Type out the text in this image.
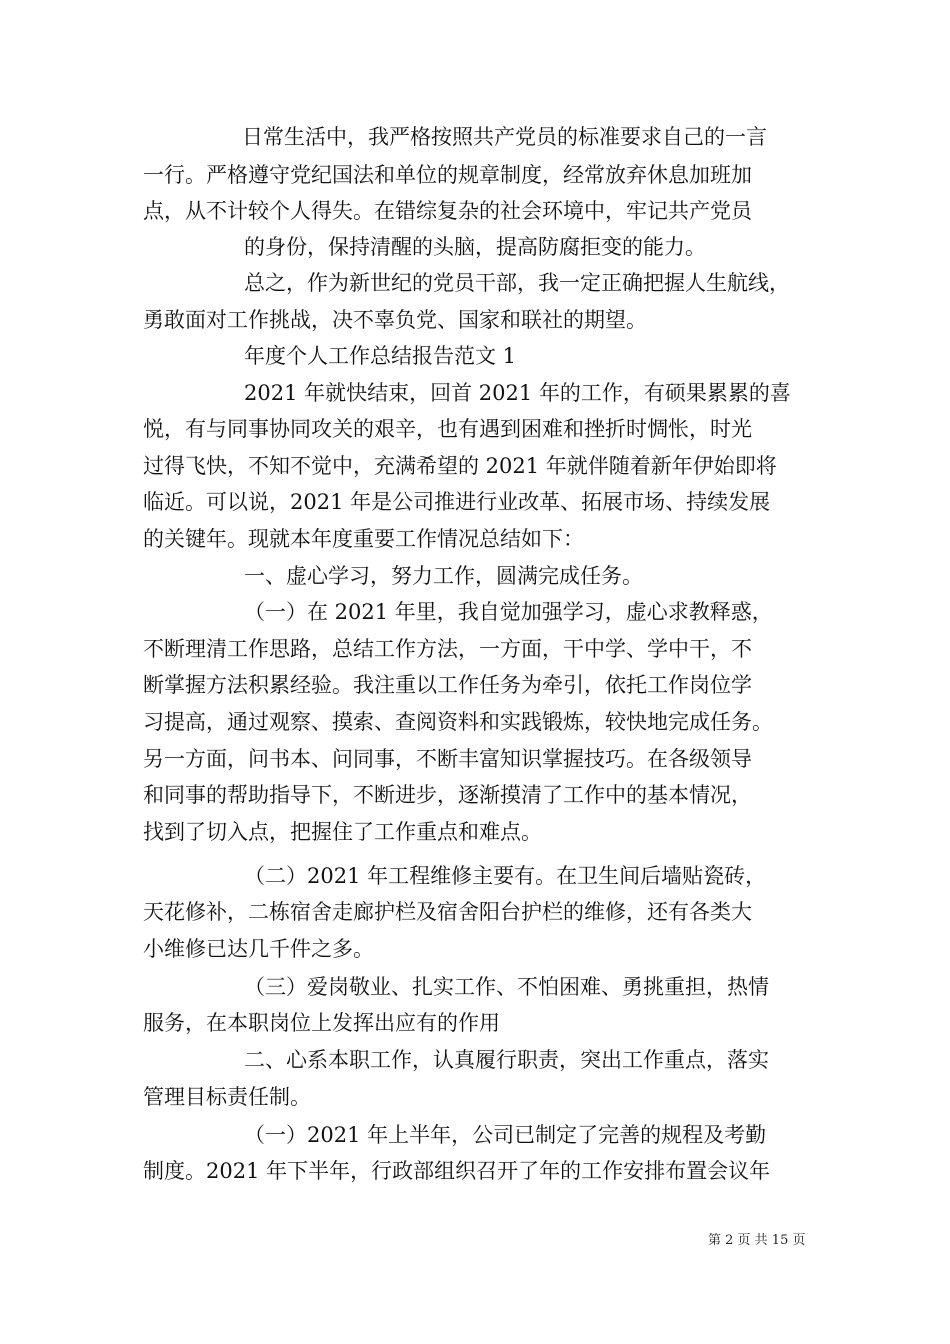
日常生活中，我严格按照共产党员的标准要求自己的一言

一行。严格遵守党纪国法和单位的规章制度，经常放弃休息加班加

点，从不计较个人得失。在错综复杂的社会环境中，牢记共产党员

的身份，保持清醒的头脑，提高防腐拒变的能力。

总之，作为新世纪的党员干部，我一定正确把握人生航线，

勇敢面对工作挑战，决不辜负党、国家和联社的期望。

年度个人工作总结报告范文 1

2021 年就快结束，回首 2021 年的工作，有硕果累累的喜

悦，有与同事协同攻关的艰辛，也有遇到困难和挫折时惆怅，时光

过得飞快，不知不觉中，充满希望的 2021 年就伴随着新年伊始即将

临近。可以说，2021 年是公司推进行业改革、拓展市场、持续发展

的关键年。现就本年度重要工作情况总结如下：

一、虚心学习，努力工作，圆满完成任务。

（一）在 2021 年里，我自觉加强学习，虚心求教释惑，

不断理清工作思路，总结工作方法，一方面，干中学、学中干，不

断掌握方法积累经验。我注重以工作任务为牵引，依托工作岗位学

习提高，通过观察、摸索、查阅资料和实践锻炼，较快地完成任务。

另一方面，问书本、问同事，不断丰富知识掌握技巧。在各级领导

和同事的帮助指导下，不断进步，逐渐摸清了工作中的基本情况，

找到了切入点，把握住了工作重点和难点。

（二）2021 年工程维修主要有。在卫生间后墙贴瓷砖，

天花修补，二栋宿舍走廊护栏及宿舍阳台护栏的维修，还有各类大

小维修已达几千件之多。

（三）爱岗敬业、扎实工作、不怕困难、勇挑重担，热情

服务，在本职岗位上发挥出应有的作用

二、心系本职工作，认真履行职责，突出工作重点，落实

管理目标责任制。

（一）2021 年上半年，公司已制定了完善的规程及考勤

制度。2021 年下半年，行政部组织召开了年的工作安排布置会议年

第 2 页 共 15 页
